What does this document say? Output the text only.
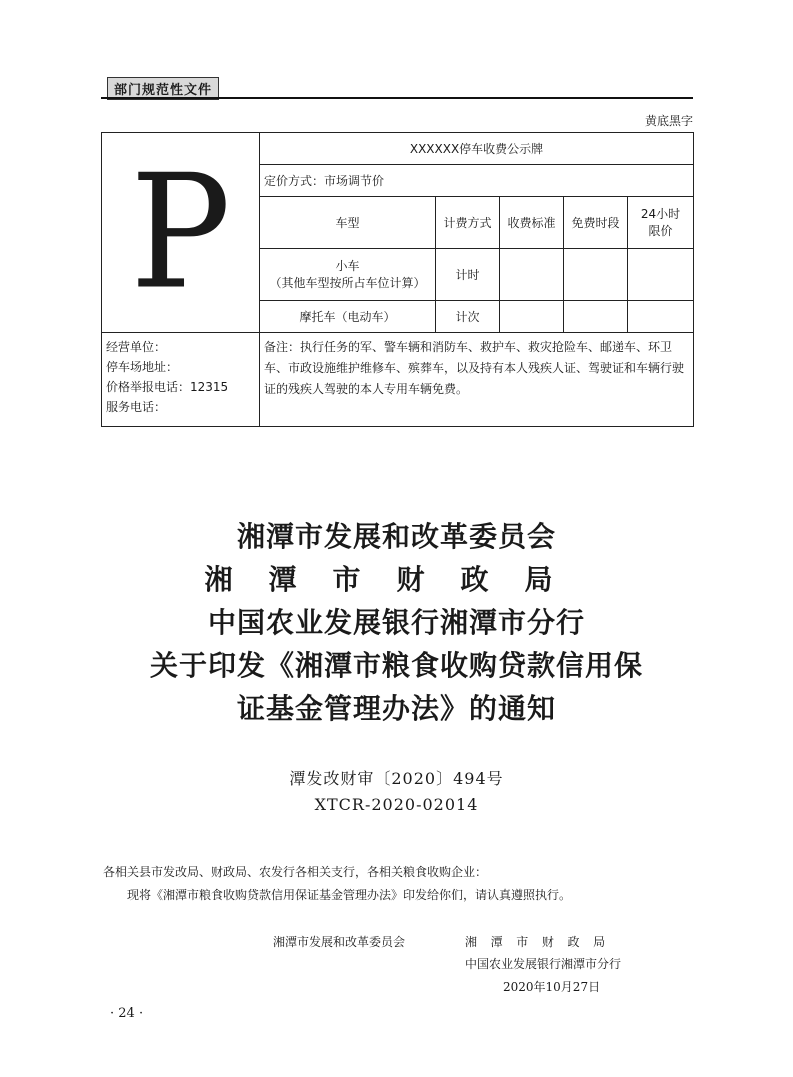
部门规范性文件
黄底黑字
P	XXXXXX停车收费公示牌				
	定价方式：市场调节价				
	车型	计费方式	收费标准	免费时段	24小时
限价

	小车
（其他车型按所占车位计算）	计时			
	摩托车（电动车）	计次			

经营单位：
停车场地址：
价格举报电话：12315
服务电话：	备注：执行任务的军、警车辆和消防车、救护车、救灾抢险车、邮递车、环卫车、市政设施维护维修车、殡葬车，以及持有本人残疾人证、驾驶证和车辆行驶证的残疾人驾驶的本人专用车辆免费。				
湘潭市发展和改革委员会
湘潭市财政局
中国农业发展银行湘潭市分行
关于印发《湘潭市粮食收购贷款信用保
证基金管理办法》的通知
潭发改财审〔2020〕494号
XTCR-2020-02014
各相关县市发改局、财政局、农发行各相关支行，各相关粮食收购企业：
现将《湘潭市粮食收购贷款信用保证基金管理办法》印发给你们，请认真遵照执行。
湘潭市发展和改革委员会	湘  潭  市  财  政  局
中国农业发展银行湘潭市分行
2020年10月27日
· 24 ·
